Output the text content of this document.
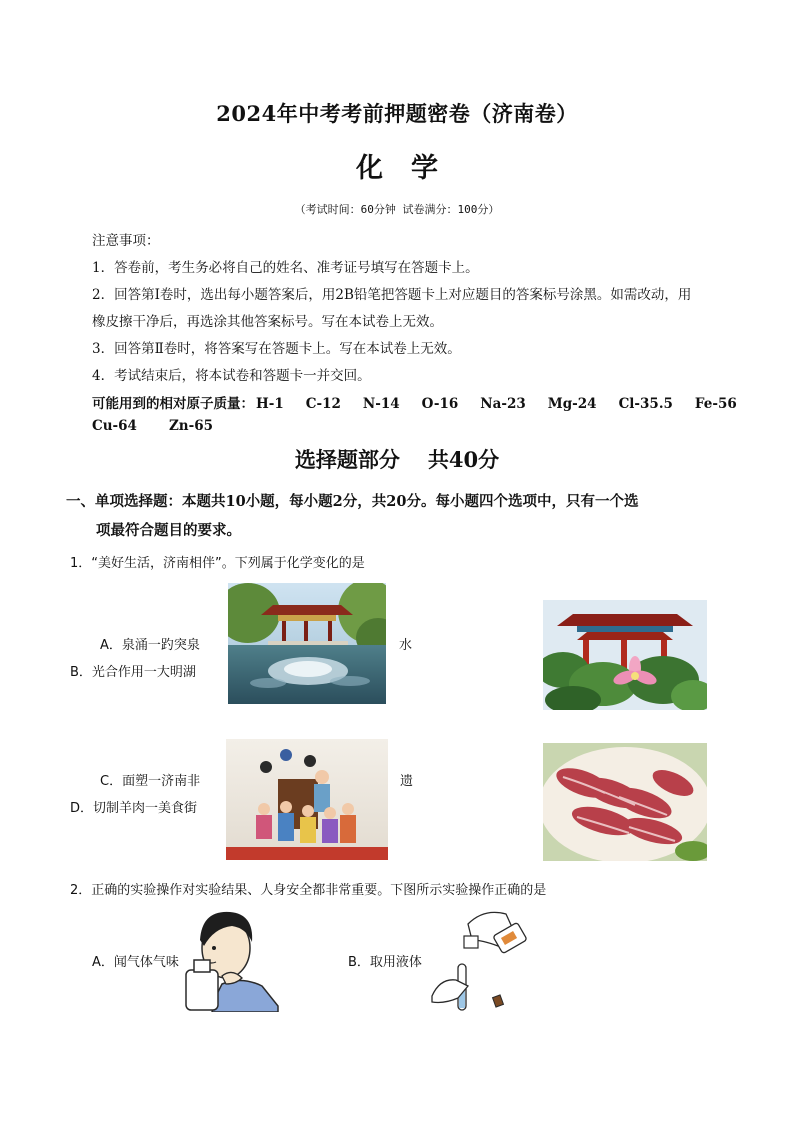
2024年中考考前押题密卷（济南卷）
化学
（考试时间：60分钟 试卷满分：100分）
注意事项：
1．答卷前，考生务必将自己的姓名、准考证号填写在答题卡上。
2．回答第Ⅰ卷时，选出每小题答案后，用2B铅笔把答题卡上对应题目的答案标号涂黑。如需改动，用
橡皮擦干净后，再选涂其他答案标号。写在本试卷上无效。
3．回答第Ⅱ卷时，将答案写在答题卡上。写在本试卷上无效。
4．考试结束后，将本试卷和答题卡一并交回。
可能用到的相对原子质量： H-1 C-12 N-14 O-16 Na-23 Mg-24 Cl-35.5 Fe-56
Cu-64 Zn-65
选择题部分 共40分
一、单项选择题：本题共10小题，每小题2分，共20分。每小题四个选项中，只有一个选
项最符合题目的要求。
1．“美好生活，济南相伴”。下列属于化学变化的是
A．泉涌一趵突泉	水
B．光合作用一大明湖
C．面塑一济南非	遗
D．切制羊肉一美食街
2．正确的实验操作对实验结果、人身安全都非常重要。下图所示实验操作正确的是
A．闻气体气味	B．取用液体
